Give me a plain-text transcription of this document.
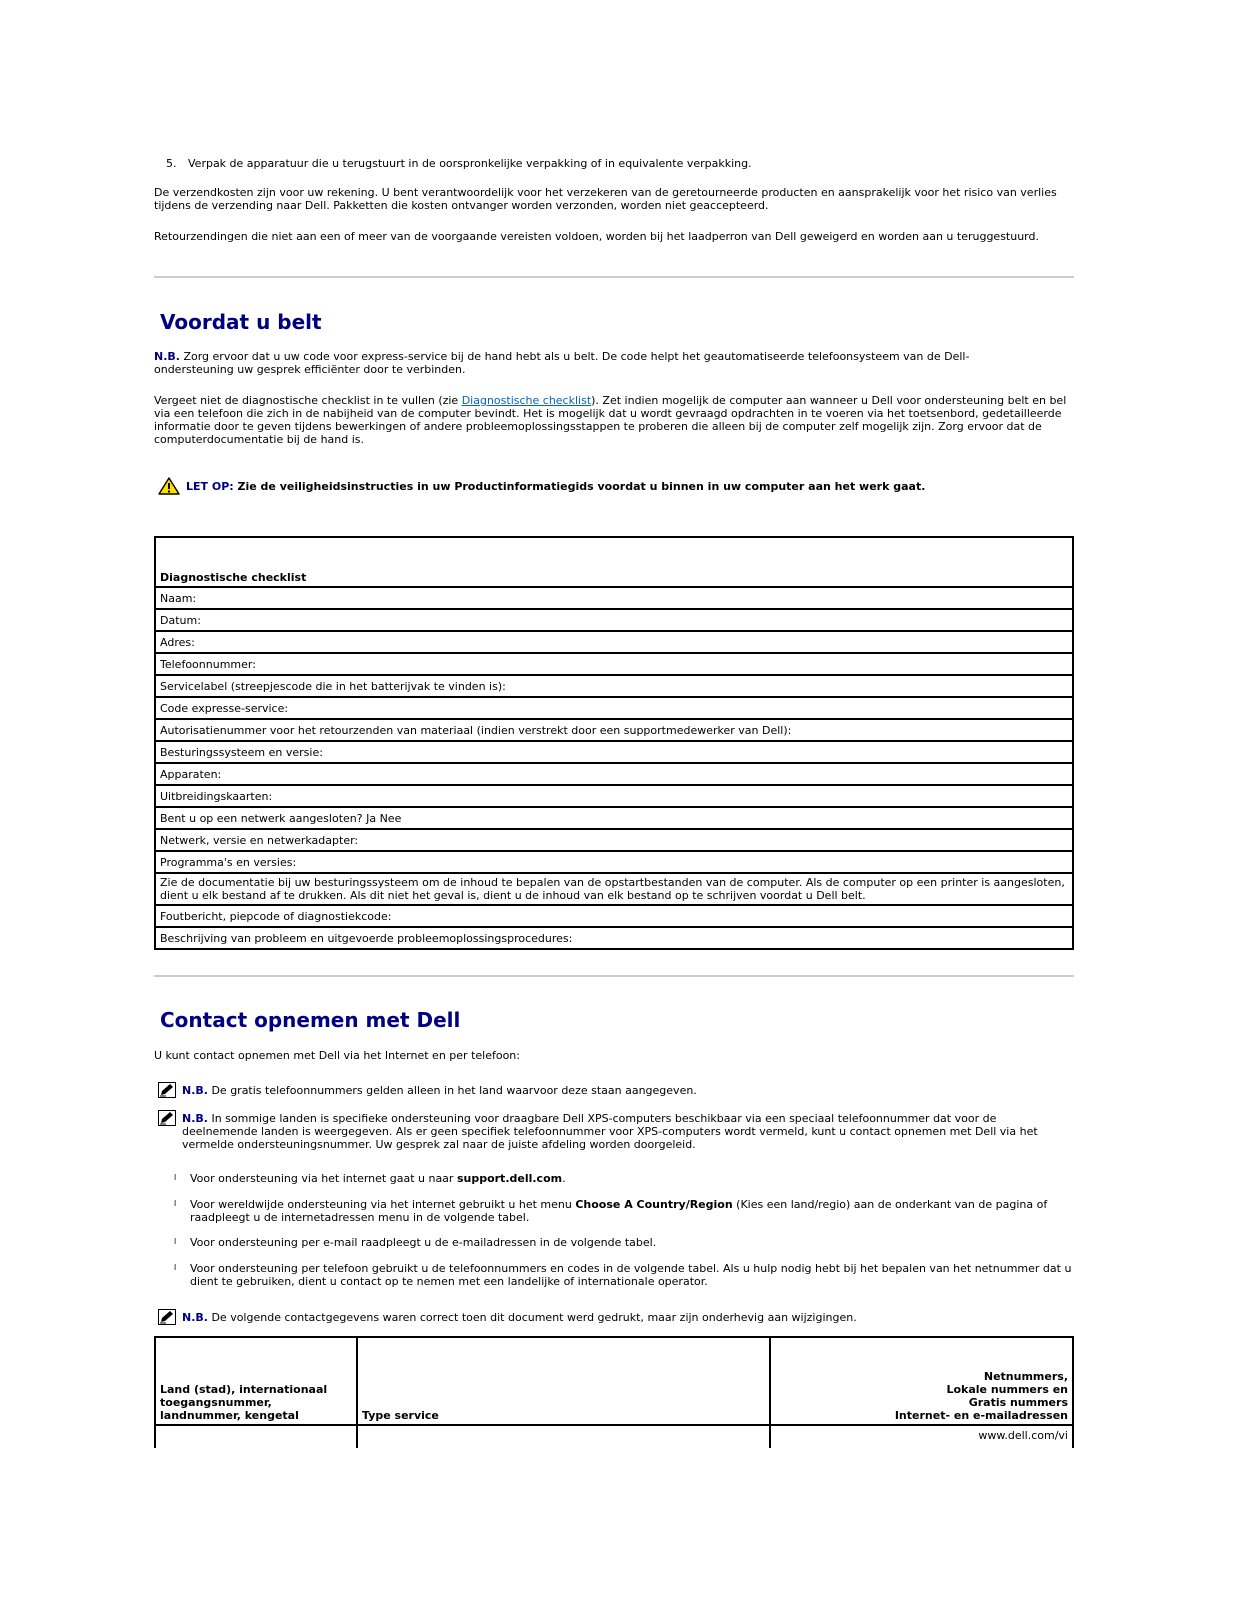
5. Verpak de apparatuur die u terugstuurt in de oorspronkelijke verpakking of in equivalente verpakking.

De verzendkosten zijn voor uw rekening. U bent verantwoordelijk voor het verzekeren van de geretourneerde producten en aansprakelijk voor het risico van verlies tijdens de verzending naar Dell. Pakketten die kosten ontvanger worden verzonden, worden niet geaccepteerd.

Retourzendingen die niet aan een of meer van de voorgaande vereisten voldoen, worden bij het laadperron van Dell geweigerd en worden aan u teruggestuurd.

Voordat u belt

N.B. Zorg ervoor dat u uw code voor express-service bij de hand hebt als u belt. De code helpt het geautomatiseerde telefoonsysteem van de Dell-ondersteuning uw gesprek efficiënter door te verbinden.

Vergeet niet de diagnostische checklist in te vullen (zie Diagnostische checklist). Zet indien mogelijk de computer aan wanneer u Dell voor ondersteuning belt en bel via een telefoon die zich in de nabijheid van de computer bevindt. Het is mogelijk dat u wordt gevraagd opdrachten in te voeren via het toetsenbord, gedetailleerde informatie door te geven tijdens bewerkingen of andere probleemoplossingsstappen te proberen die alleen bij de computer zelf mogelijk zijn. Zorg ervoor dat de computerdocumentatie bij de hand is.

LET OP: Zie de veiligheidsinstructies in uw Productinformatiegids voordat u binnen in uw computer aan het werk gaat.

Diagnostische checklist
Naam:
Datum:
Adres:
Telefoonnummer:
Servicelabel (streepjescode die in het batterijvak te vinden is):
Code expresse-service:
Autorisatienummer voor het retourzenden van materiaal (indien verstrekt door een supportmedewerker van Dell):
Besturingssysteem en versie:
Apparaten:
Uitbreidingskaarten:
Bent u op een netwerk aangesloten? Ja Nee
Netwerk, versie en netwerkadapter:
Programma's en versies:
Zie de documentatie bij uw besturingssysteem om de inhoud te bepalen van de opstartbestanden van de computer. Als de computer op een printer is aangesloten, dient u elk bestand af te drukken. Als dit niet het geval is, dient u de inhoud van elk bestand op te schrijven voordat u Dell belt.
Foutbericht, piepcode of diagnostiekcode:
Beschrijving van probleem en uitgevoerde probleemoplossingsprocedures:
Contact opnemen met Dell

U kunt contact opnemen met Dell via het Internet en per telefoon:

N.B. De gratis telefoonnummers gelden alleen in het land waarvoor deze staan aangegeven.

N.B. In sommige landen is specifieke ondersteuning voor draagbare Dell XPS-computers beschikbaar via een speciaal telefoonnummer dat voor de deelnemende landen is weergegeven. Als er geen specifiek telefoonnummer voor XPS-computers wordt vermeld, kunt u contact opnemen met Dell via het vermelde ondersteuningsnummer. Uw gesprek zal naar de juiste afdeling worden doorgeleid.

l Voor ondersteuning via het internet gaat u naar support.dell.com.

l Voor wereldwijde ondersteuning via het internet gebruikt u het menu Choose A Country/Region (Kies een land/regio) aan de onderkant van de pagina of raadpleegt u de internetadressen menu in de volgende tabel.

l Voor ondersteuning per e-mail raadpleegt u de e-mailadressen in de volgende tabel.

l Voor ondersteuning per telefoon gebruikt u de telefoonnummers en codes in de volgende tabel. Als u hulp nodig hebt bij het bepalen van het netnummer dat u dient te gebruiken, dient u contact op te nemen met een landelijke of internationale operator.

N.B. De volgende contactgegevens waren correct toen dit document werd gedrukt, maar zijn onderhevig aan wijzigingen.

Land (stad), internationaal toegangsnummer, landnummer, kengetal	Type service	Netnummers,
Lokale nummers en
Gratis nummers
Internet- en e-mailadressen

		www.dell.com/vi
